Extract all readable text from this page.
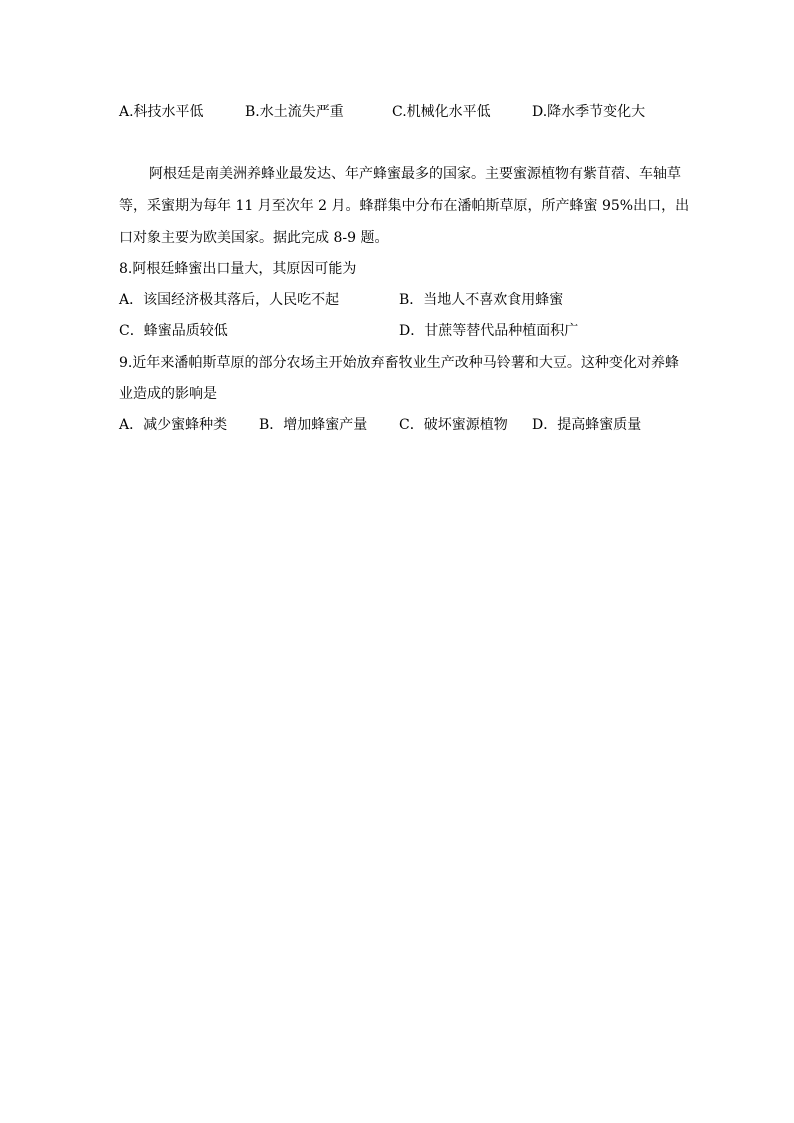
A.科技水平低	B.水土流失严重	C.机械化水平低	D.降水季节变化大
阿根廷是南美洲养蜂业最发达、年产蜂蜜最多的国家。主要蜜源植物有紫苜蓿、车轴草
等，采蜜期为每年 11 月至次年 2 月。蜂群集中分布在潘帕斯草原，所产蜂蜜 95%出口，出
口对象主要为欧美国家。据此完成 8-9 题。
8.阿根廷蜂蜜出口量大，其原因可能为
A．该国经济极其落后，人民吃不起	B．当地人不喜欢食用蜂蜜
C．蜂蜜品质较低	D．甘蔗等替代品种植面积广
9.近年来潘帕斯草原的部分农场主开始放弃畜牧业生产改种马铃薯和大豆。这种变化对养蜂
业造成的影响是
A．减少蜜蜂种类 B．增加蜂蜜产量 C．破坏蜜源植物 D．提高蜂蜜质量
